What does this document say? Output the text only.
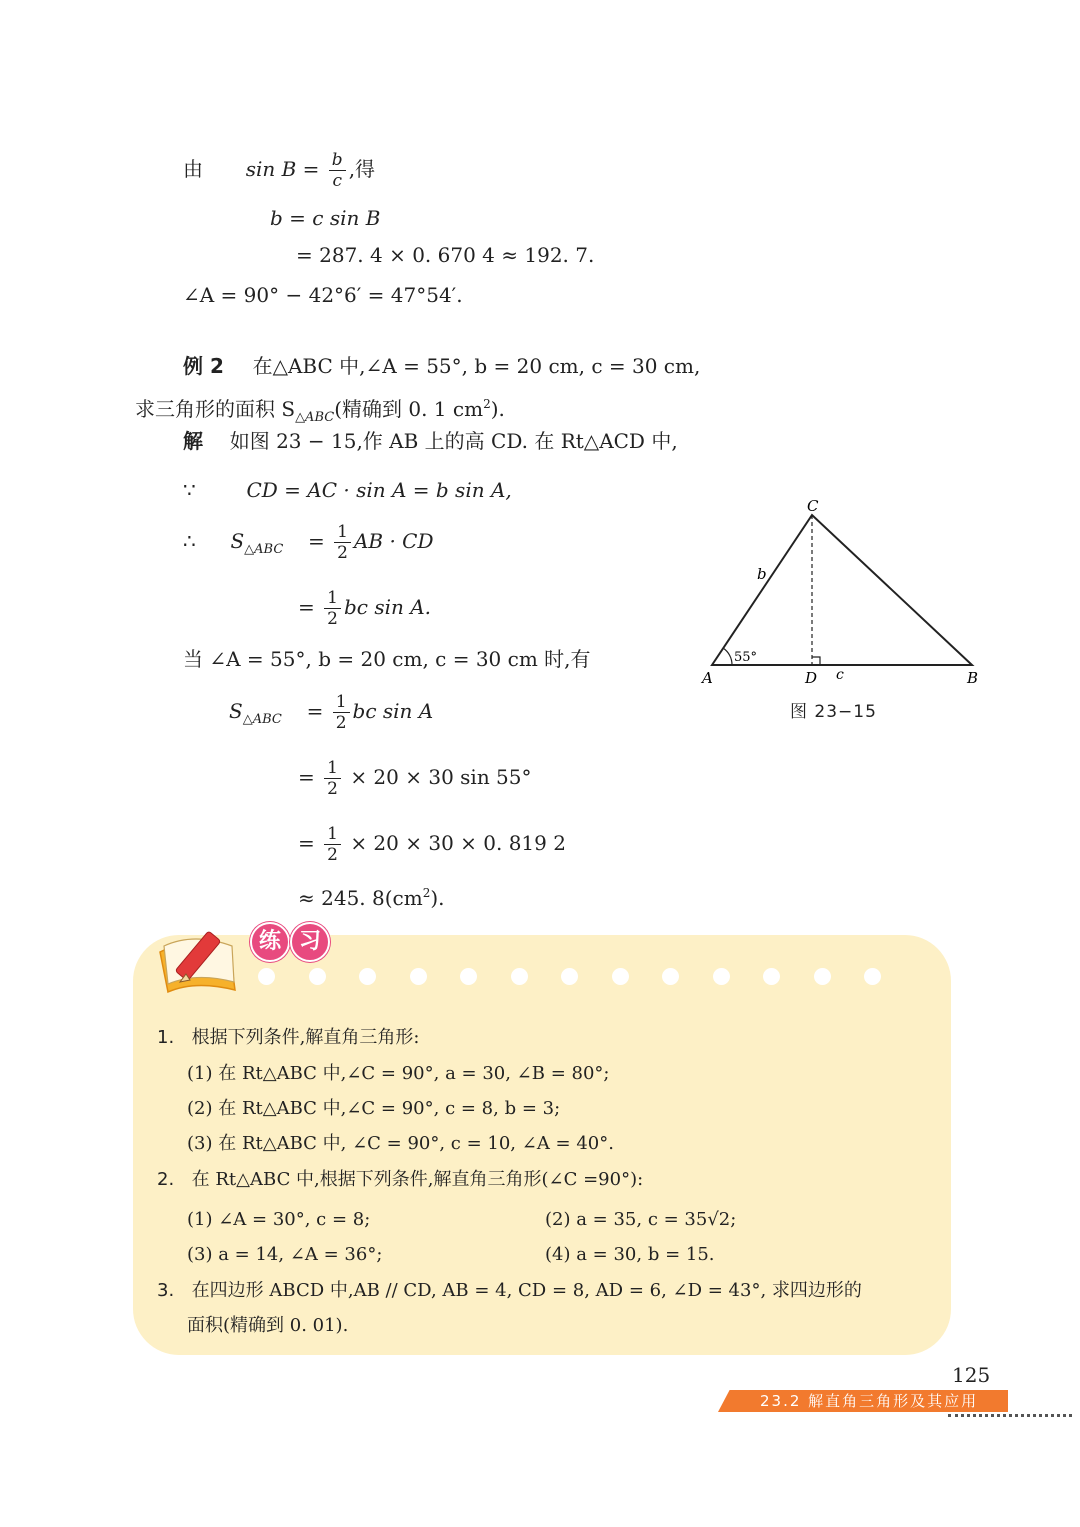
由 $\sin B = \frac{b}{c}$ ,得
b = c sin B
= 287. 4 × 0. 670 4 ≈ 192. 7.
∠A = 90° − 42°6′ = 47°54′.
例 2 在△ABC 中,∠A = 55°, b = 20 cm, c = 30 cm,
求三角形的面积 $S_{\triangle ABC}$(精确到 0. 1 $cm^2$).
解 如图 23 − 15,作 AB 上的高 CD. 在 Rt△ACD 中,
∵	CD = AC · sin A = b sin A,
∴ $S_{\triangle ABC} = \frac{1}{2}$ AB · CD
= $\frac{1}{2}$ bc sin A.
当 ∠A = 55°, b = 20 cm, c = 30 cm 时,有
$S_{\triangle ABC} = \frac{1}{2}$ bc sin A
= $\frac{1}{2} \times 20 \times 30$ sin 55°
= $\frac{1}{2} \times 20 \times 30 \times 0$. 819 2
≈ 245. $8(cm^2)$.
C
A	D	B
b
c
55°
图 23−15
练 习
1. 根据下列条件,解直角三角形:
(1) 在 Rt△ABC 中,∠C = 90°, a = 30, ∠B = 80°;
(2) 在 Rt△ABC 中,∠C = 90°, c = 8, b = 3;
(3) 在 Rt△ABC 中, ∠C = 90°, c = 10, ∠A = 40°.
2. 在 Rt△ABC 中,根据下列条件,解直角三角形(∠C =90°):
(1) ∠A = 30°, c = 8;	(2) a = 35, c = 35√2;
(3) a = 14, ∠A = 36°;	(4) a = 30, b = 15.
3. 在四边形 ABCD 中,AB // CD, AB = 4, CD = 8, AD = 6, ∠D = 43°, 求四边形的
面积(精确到 0. 01).
125
23.2 解直角三角形及其应用
